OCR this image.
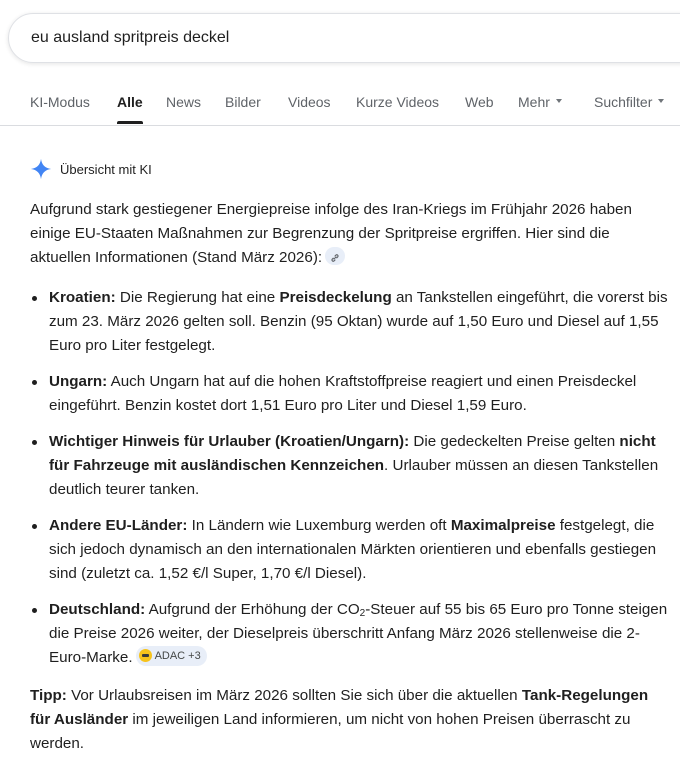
eu ausland spritpreis deckel
KI-Modus Alle News Bilder Videos Kurze Videos Web Mehr	Suchfilter
Übersicht mit KI

Aufgrund stark gestiegener Energiepreise infolge des Iran-Kriegs im Frühjahr 2026 haben einige EU-Staaten Maßnahmen zur Begrenzung der Spritpreise ergriffen. Hier sind die aktuellen Informationen (Stand März 2026):

Kroatien: Die Regierung hat eine Preisdeckelung an Tankstellen eingeführt, die vorerst bis zum 23. März 2026 gelten soll. Benzin (95 Oktan) wurde auf 1,50 Euro und Diesel auf 1,55 Euro pro Liter festgelegt.
Ungarn: Auch Ungarn hat auf die hohen Kraftstoffpreise reagiert und einen Preisdeckel eingeführt. Benzin kostet dort 1,51 Euro pro Liter und Diesel 1,59 Euro.
Wichtiger Hinweis für Urlauber (Kroatien/Ungarn): Die gedeckelten Preise gelten nicht für Fahrzeuge mit ausländischen Kennzeichen. Urlauber müssen an diesen Tankstellen deutlich teurer tanken.
Andere EU-Länder: In Ländern wie Luxemburg werden oft Maximalpreise festgelegt, die sich jedoch dynamisch an den internationalen Märkten orientieren und ebenfalls gestiegen sind (zuletzt ca. 1,52 €/l Super, 1,70 €/l Diesel).
Deutschland: Aufgrund der Erhöhung der $CO_2$-Steuer auf 55 bis 65 Euro pro Tonne steigen die Preise 2026 weiter, der Dieselpreis überschritt Anfang März 2026 stellenweise die 2-Euro-Marke. ADAC +3

Tipp: Vor Urlaubsreisen im März 2026 sollten Sie sich über die aktuellen Tank-Regelungen für Ausländer im jeweiligen Land informieren, um nicht von hohen Preisen überrascht zu werden.
